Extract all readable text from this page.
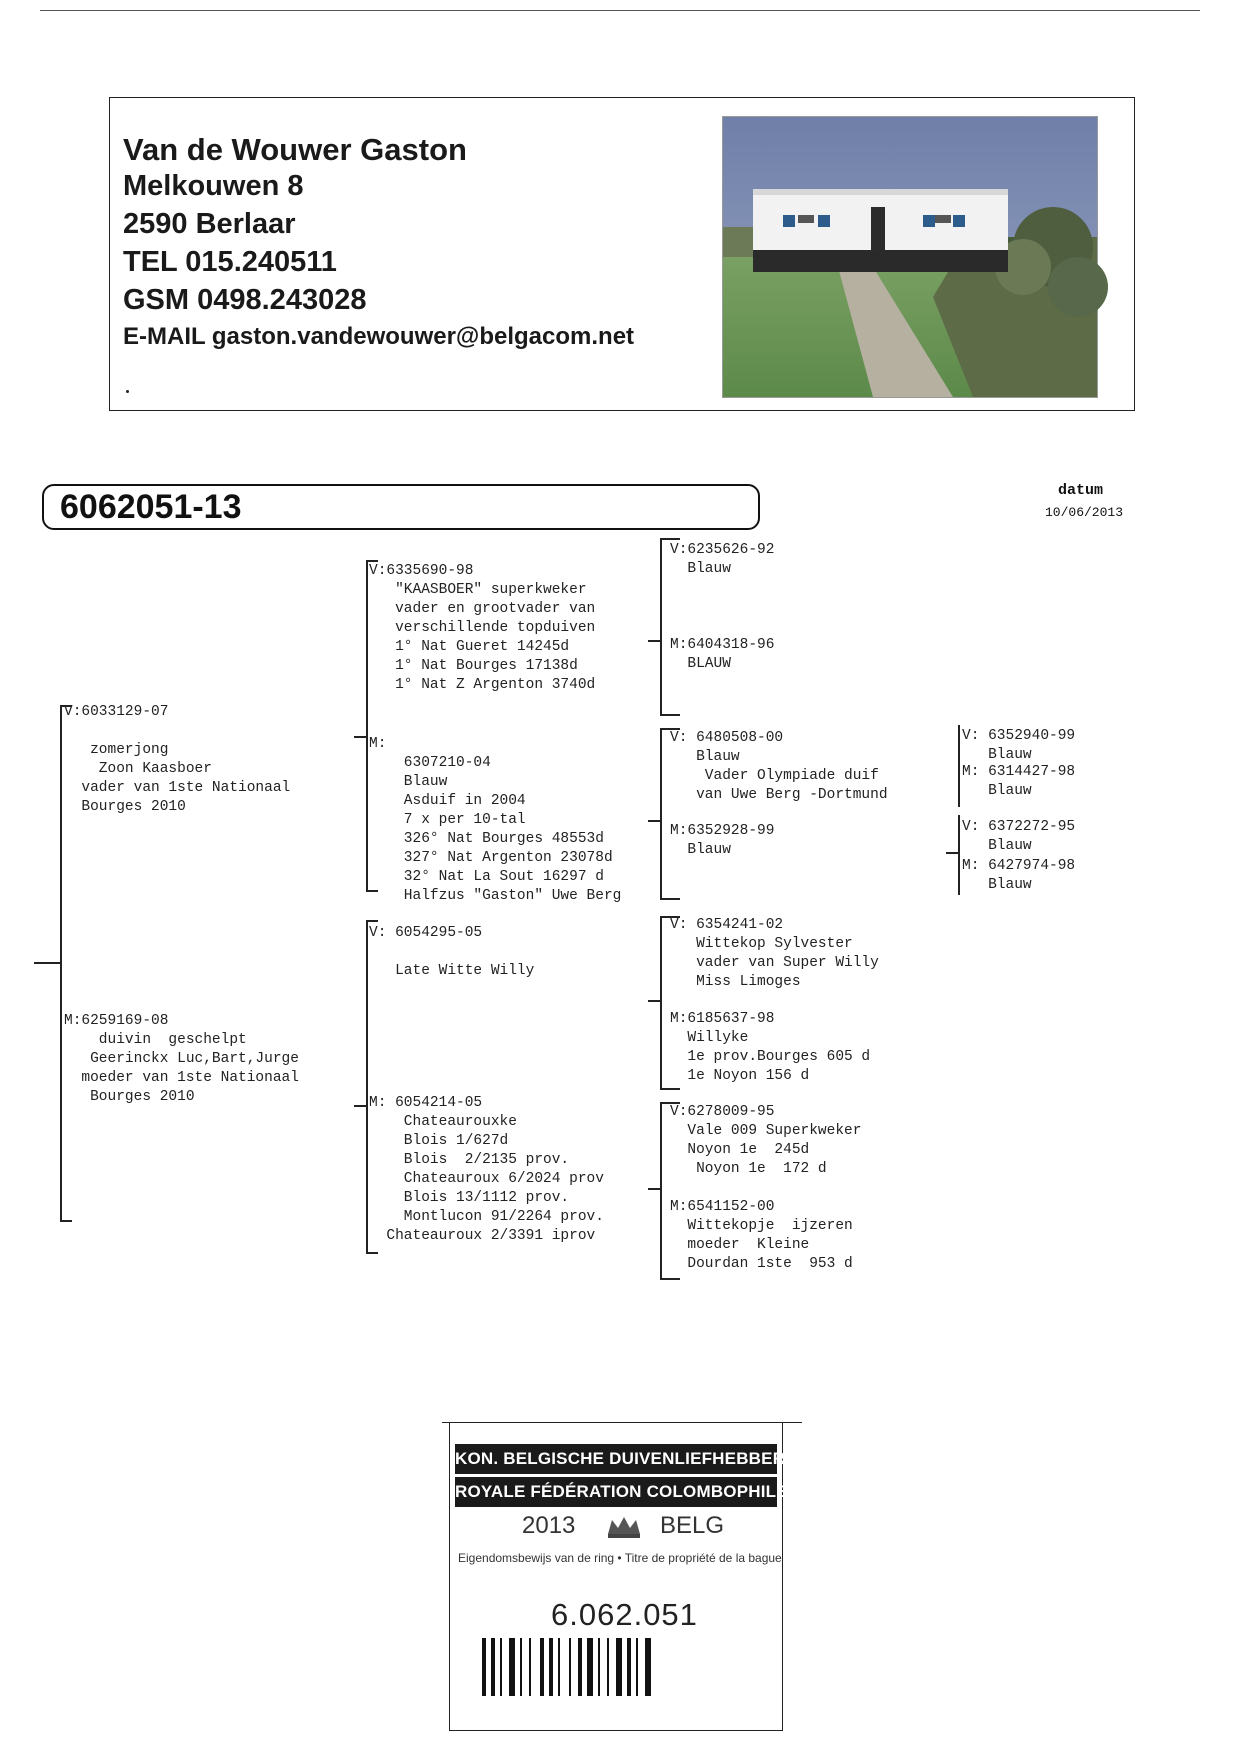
Van de Wouwer Gaston
Melkouwen 8
2590 Berlaar
TEL 015.240511
GSM 0498.243028
E-MAIL gaston.vandewouwer@belgacom.net
6062051-13	datum
10/06/2013
V:6033129-07

zomerjong
Zoon Kaasboer
vader van 1ste Nationaal
Bourges 2010
M:6259169-08
duivin  geschelpt
Geerinckx Luc,Bart,Jurge
moeder van 1ste Nationaal
Bourges 2010
V:6335690-98
"KAASBOER" superkweker
vader en grootvader van
verschillende topduiven
1° Nat Gueret 14245d
1° Nat Bourges 17138d
1° Nat Z Argenton 3740d
M:
6307210-04
Blauw
Asduif in 2004
7 x per 10-tal
326° Nat Bourges 48553d
327° Nat Argenton 23078d
32° Nat La Sout 16297 d
Halfzus "Gaston" Uwe Berg
V: 6054295-05

Late Witte Willy
M: 6054214-05
Chateaurouxke
Blois 1/627d
Blois  2/2135 prov.
Chateauroux 6/2024 prov
Blois 13/1112 prov.
Montlucon 91/2264 prov.
Chateauroux 2/3391 iprov
V:6235626-92
Blauw
M:6404318-96
BLAUW
V: 6480508-00
Blauw
Vader Olympiade duif
van Uwe Berg -Dortmund
M:6352928-99
Blauw
V: 6354241-02
Wittekop Sylvester
vader van Super Willy
Miss Limoges
M:6185637-98
Willyke
1e prov.Bourges 605 d
1e Noyon 156 d
V:6278009-95
Vale 009 Superkweker
Noyon 1e  245d
Noyon 1e  172 d
M:6541152-00
Wittekopje  ijzeren
moeder  Kleine
Dourdan 1ste  953 d
V: 6352940-99
Blauw
M: 6314427-98
Blauw
V: 6372272-95
Blauw
M: 6427974-98
Blauw
KON. BELGISCHE DUIVENLIEFHEBBERSBOND
ROYALE FÉDÉRATION COLOMBOPHILE BELGE
2013	BELG
Eigendomsbewijs van de ring • Titre de propriété de la bague
6.062.051
